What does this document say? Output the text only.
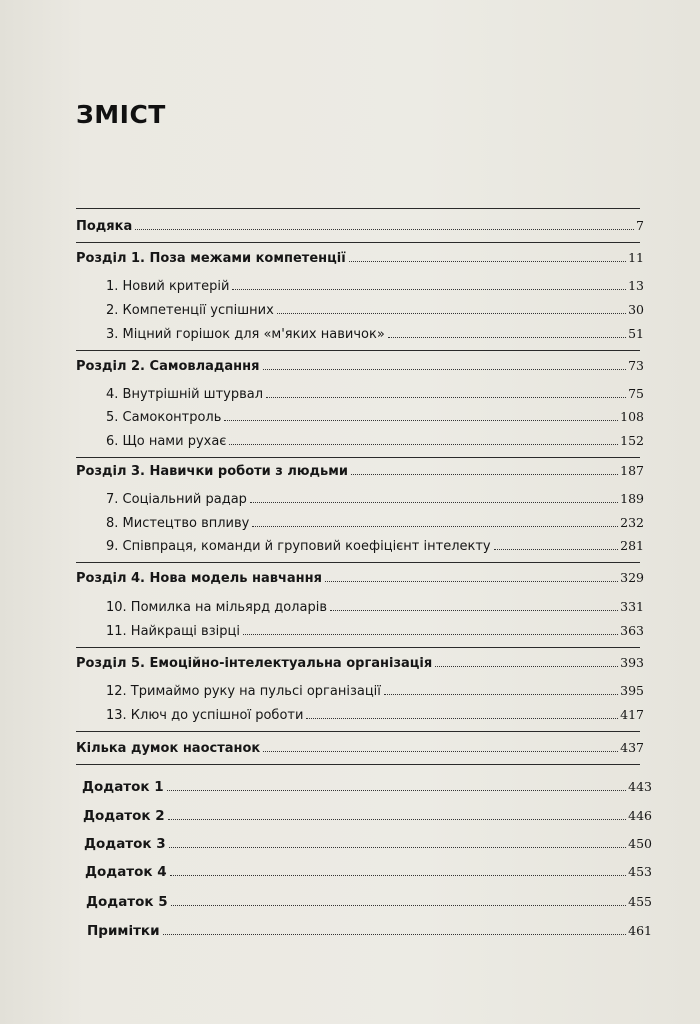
ЗМІСТ
Подяка	7
Розділ 1. Поза межами компетенції	11
1. Новий критерій	13
2. Компетенції успішних	30
3. Міцний горішок для «м'яких навичок»	51
Розділ 2. Самовладання	73
4. Внутрішній штурвал	75
5. Самоконтроль	108
6. Що нами рухає	152
Розділ 3. Навички роботи з людьми	187
7. Соціальний радар	189
8. Мистецтво впливу	232
9. Співпраця, команди й груповий коефіцієнт інтелекту	281
Розділ 4. Нова модель навчання	329
10. Помилка на мільярд доларів	331
11. Найкращі взірці	363
Розділ 5. Емоційно-інтелектуальна організація	393
12. Тримаймо руку на пульсі організації	395
13. Ключ до успішної роботи	417
Кілька думок наостанок	437
Додаток 1	443
Додаток 2	446
Додаток 3	450
Додаток 4	453
Додаток 5	455
Примітки	461
